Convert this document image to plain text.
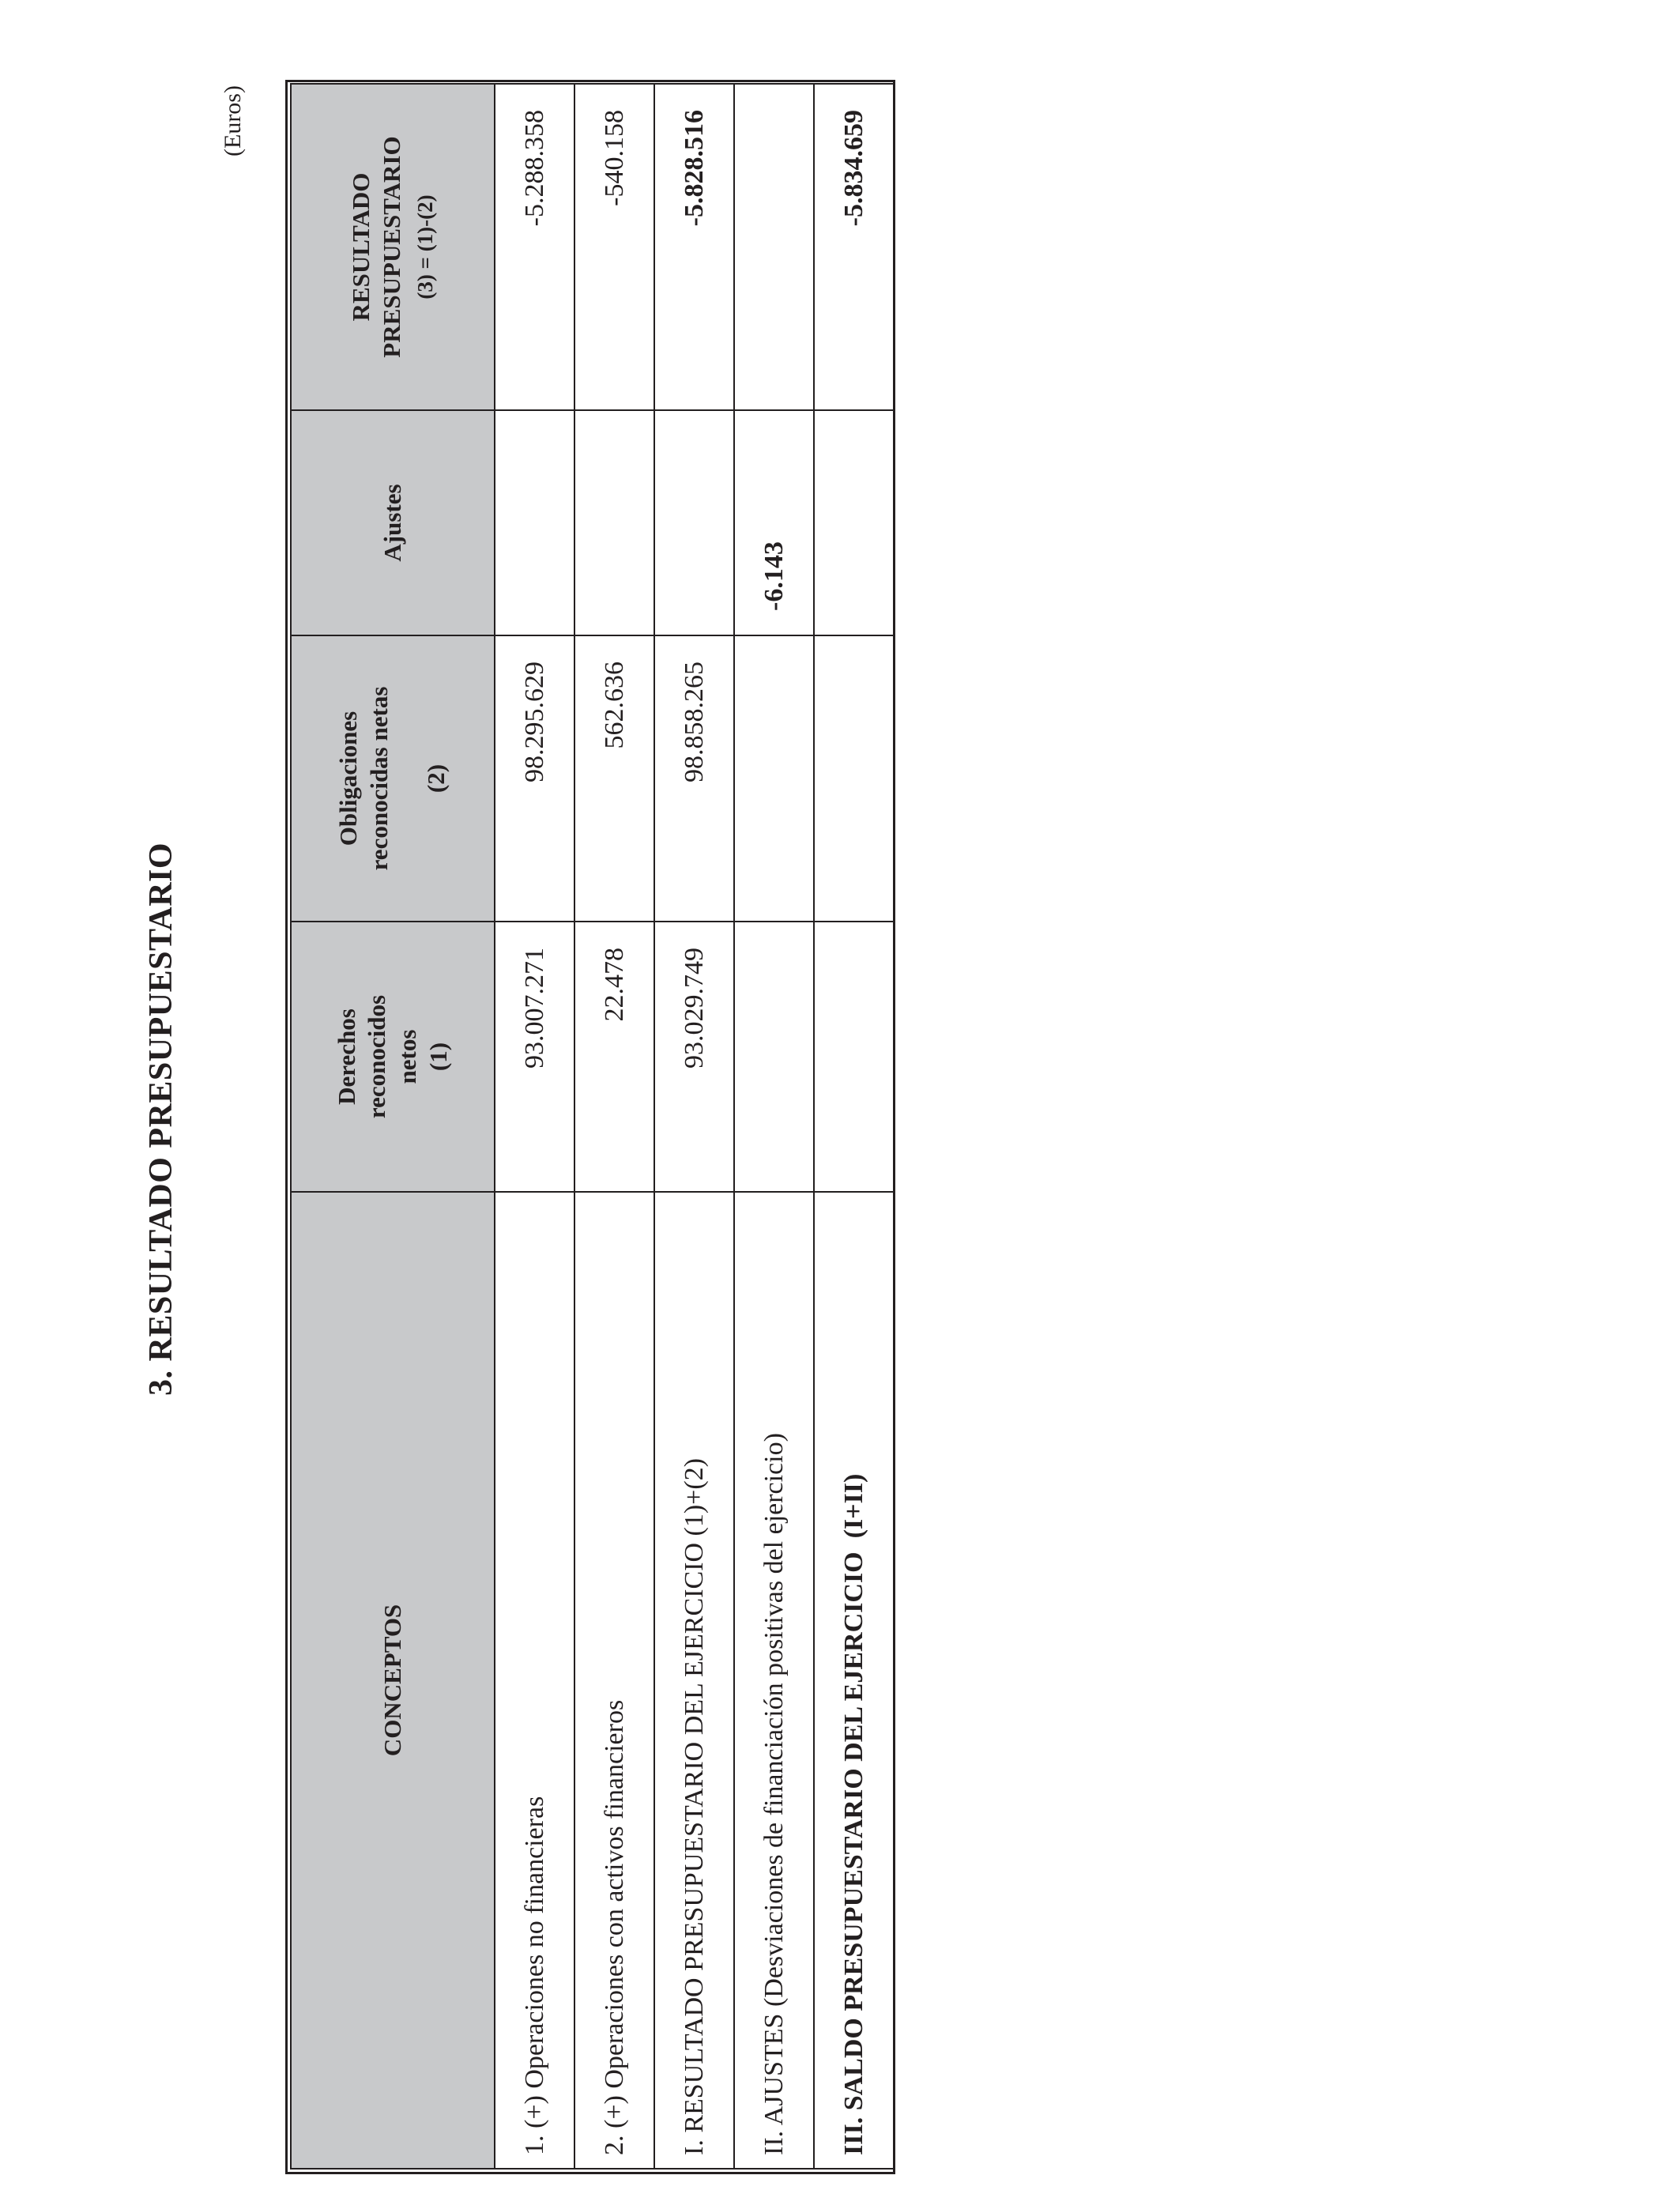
3. RESULTADO PRESUPUESTARIO
(Euros)
CONCEPTOS	Derechos reconocidos netos (1)	Obligaciones reconocidas netas (2)	Ajustes	RESULTADO PRESUPUESTARIO (3) = (1)-(2)

1. (+) Operaciones no financieras	93.007.271	98.295.629		-5.288.358
2. (+) Operaciones con activos financieros	22.478	562.636		-540.158
I. RESULTADO PRESUPUESTARIO DEL EJERCICIO (1)+(2)	93.029.749	98.858.265		-5.828.516
II. AJUSTES (Desviaciones de financiación positivas del ejercicio)			-6.143	
III. SALDO PRESUPUESTARIO DEL EJERCICIO  (I+II)				-5.834.659
